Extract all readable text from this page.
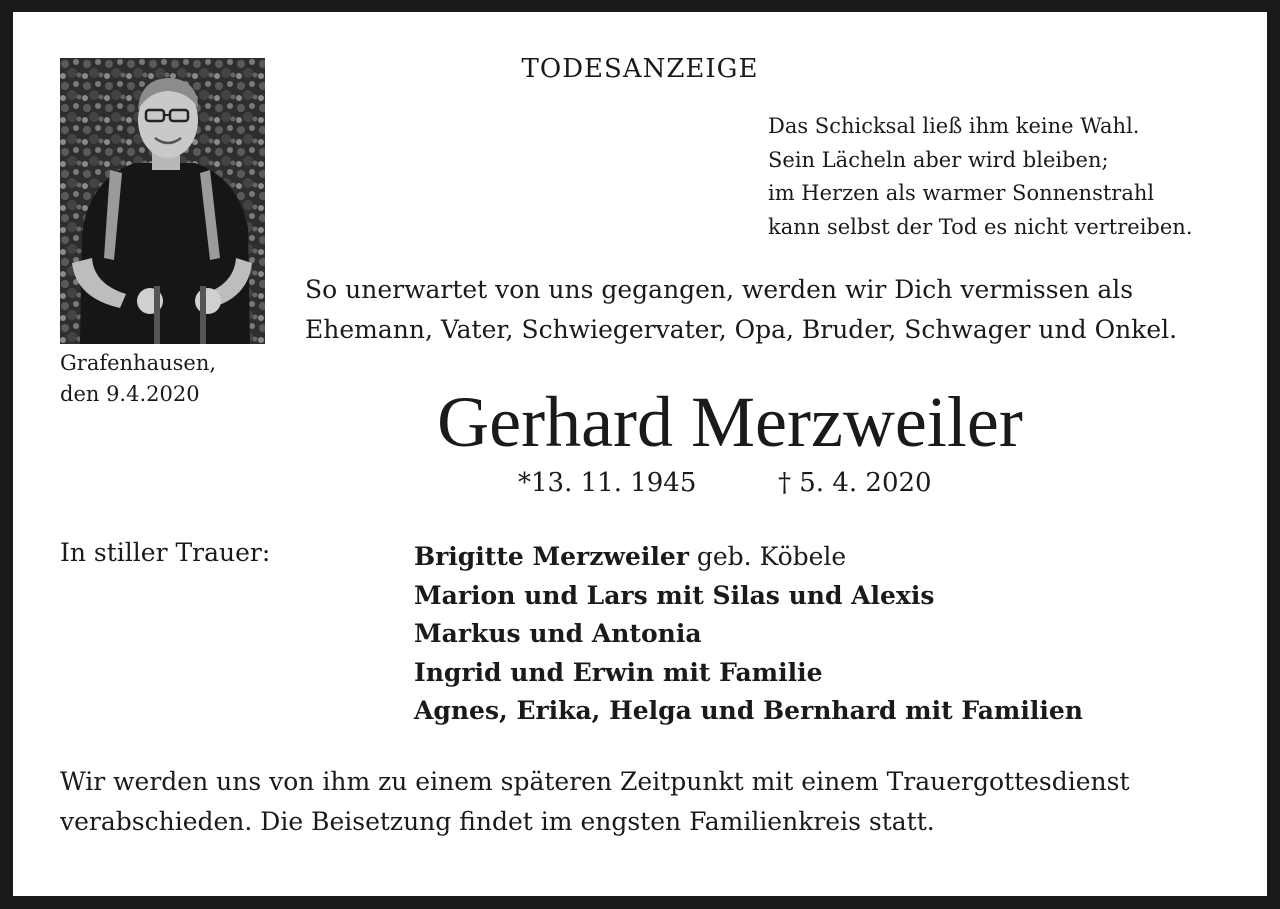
TODESANZEIGE
Das Schicksal ließ ihm keine Wahl.
Sein Lächeln aber wird bleiben;
im Herzen als warmer Sonnenstrahl
kann selbst der Tod es nicht vertreiben.
So unerwartet von uns gegangen, werden wir Dich vermissen als
Ehemann, Vater, Schwiegervater, Opa, Bruder, Schwager und Onkel.
Grafenhausen,
den 9.4.2020	Gerhard Merzweiler
*13. 11. 1945	† 5. 4. 2020
In stiller Trauer:	Brigitte Merzweiler geb. Köbele
Marion und Lars mit Silas und Alexis
Markus und Antonia
Ingrid und Erwin mit Familie
Agnes, Erika, Helga und Bernhard mit Familien
Wir werden uns von ihm zu einem späteren Zeitpunkt mit einem Trauergottesdienst
verabschieden. Die Beisetzung findet im engsten Familienkreis statt.
